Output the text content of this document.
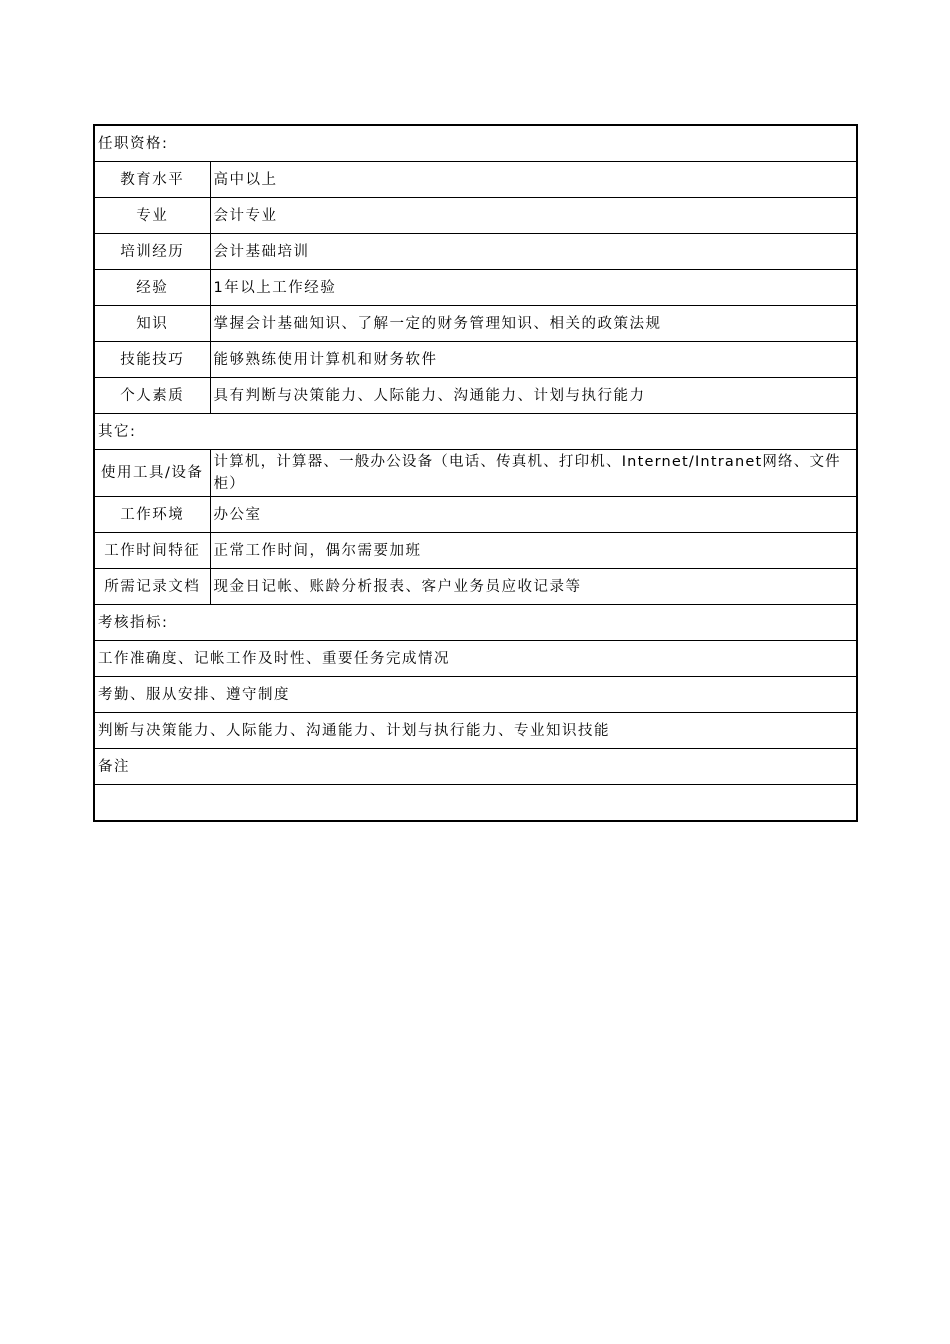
任职资格:	
教育水平	高中以上
专业	会计专业
培训经历	会计基础培训
经验	1年以上工作经验
知识	掌握会计基础知识、了解一定的财务管理知识、相关的政策法规
技能技巧	能够熟练使用计算机和财务软件
个人素质	具有判断与决策能力、人际能力、沟通能力、计划与执行能力
其它:	
使用工具/设备	计算机，计算器、一般办公设备（电话、传真机、打印机、Internet/Intranet网络、文件柜）
工作环境	办公室
工作时间特征	正常工作时间，偶尔需要加班
所需记录文档	现金日记帐、账龄分析报表、客户业务员应收记录等
考核指标:	
工作准确度、记帐工作及时性、重要任务完成情况	
考勤、服从安排、遵守制度	
判断与决策能力、人际能力、沟通能力、计划与执行能力、专业知识技能	
备注	
